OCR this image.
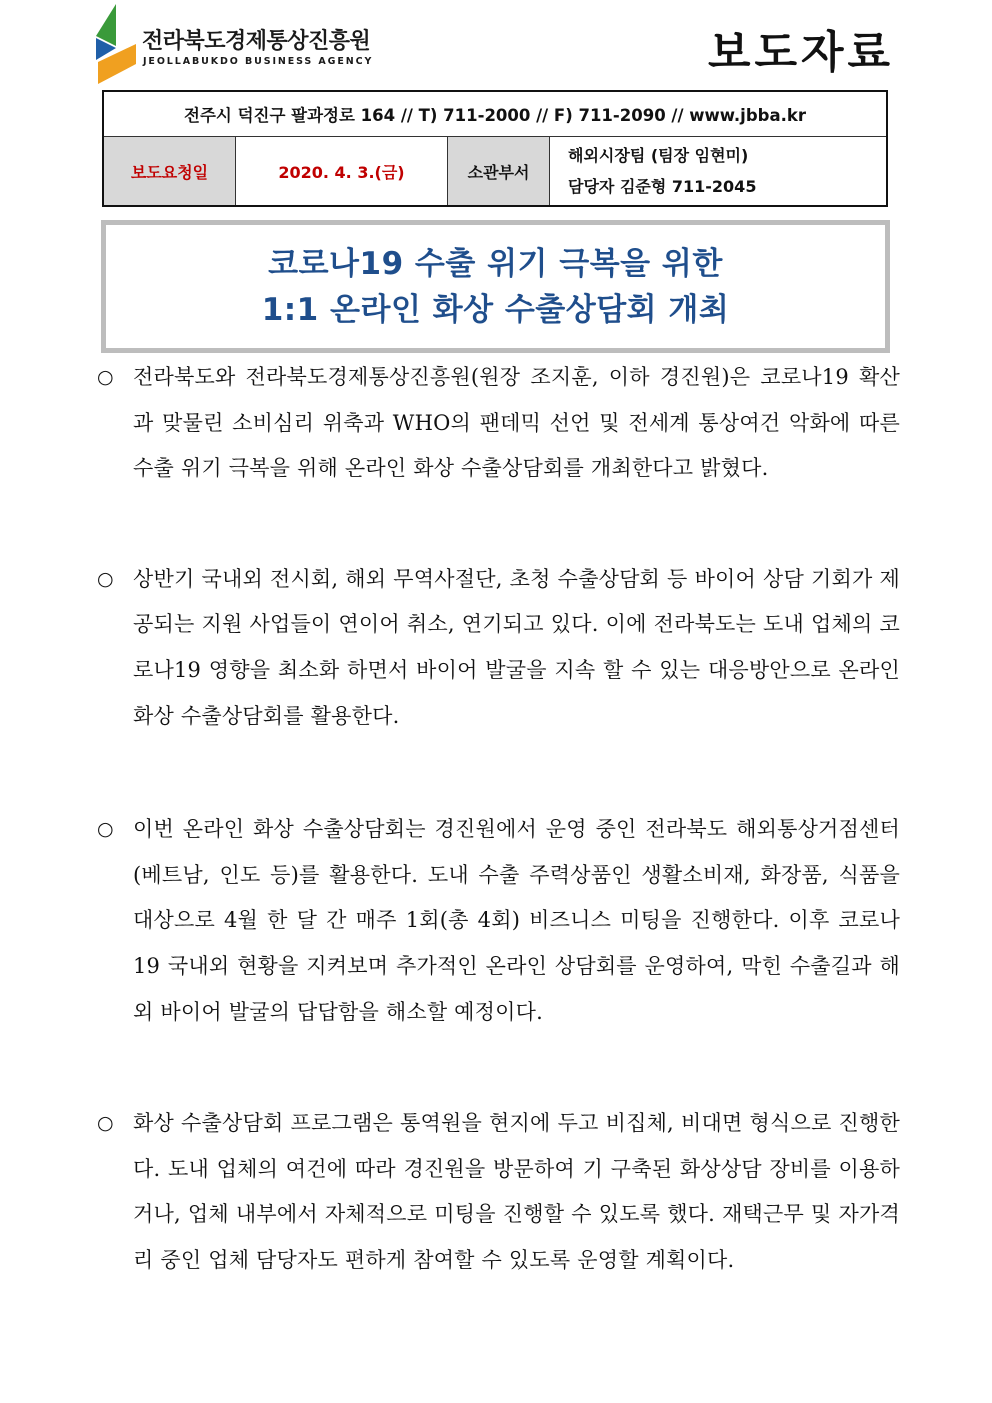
전라북도경제통상진흥원
JEOLLABUKDO BUSINESS AGENCY	보도자료
전주시 덕진구 팔과정로 164 // T) 711-2000 // F) 711-2090 // www.jbba.kr
보도요청일	2020. 4. 3.(금)	소관부서
해외시장팀 (팀장 임현미)
담당자 김준형 711-2045
코로나19 수출 위기 극복을 위한
1:1 온라인 화상 수출상담회 개최
○ 전라북도와 전라북도경제통상진흥원(원장 조지훈, 이하 경진원)은 코로나19 확산과 맞물린 소비심리 위축과 WHO의 팬데믹 선언 및 전세계 통상여건 악화에 따른 수출 위기 극복을 위해 온라인 화상 수출상담회를 개최한다고 밝혔다.
○ 상반기 국내외 전시회, 해외 무역사절단, 초청 수출상담회 등 바이어 상담 기회가 제공되는 지원 사업들이 연이어 취소, 연기되고 있다. 이에 전라북도는 도내 업체의 코로나19 영향을 최소화 하면서 바이어 발굴을 지속 할 수 있는 대응방안으로 온라인 화상 수출상담회를 활용한다.
○ 이번 온라인 화상 수출상담회는 경진원에서 운영 중인 전라북도 해외통상거점센터(베트남, 인도 등)를 활용한다. 도내 수출 주력상품인 생활소비재, 화장품, 식품을 대상으로 4월 한 달 간 매주 1회(총 4회) 비즈니스 미팅을 진행한다. 이후 코로나19 국내외 현황을 지켜보며 추가적인 온라인 상담회를 운영하여, 막힌 수출길과 해외 바이어 발굴의 답답함을 해소할 예정이다.
○ 화상 수출상담회 프로그램은 통역원을 현지에 두고 비집체, 비대면 형식으로 진행한다. 도내 업체의 여건에 따라 경진원을 방문하여 기 구축된 화상상담 장비를 이용하거나, 업체 내부에서 자체적으로 미팅을 진행할 수 있도록 했다. 재택근무 및 자가격리 중인 업체 담당자도 편하게 참여할 수 있도록 운영할 계획이다.
